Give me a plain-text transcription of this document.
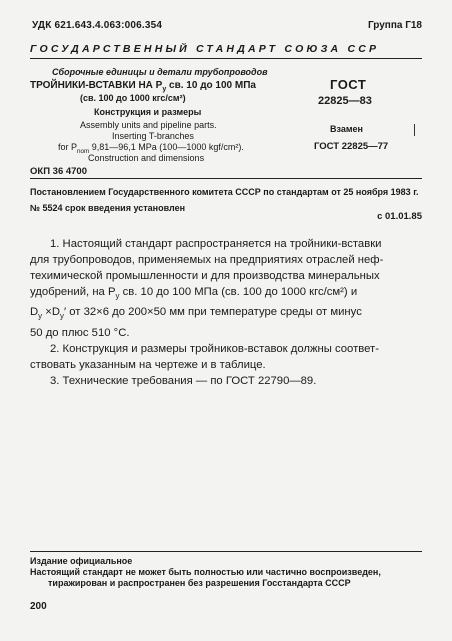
УДК 621.643.4.063:006.354	Группа Г18
ГОСУДАРСТВЕННЫЙ СТАНДАРТ СОЮЗА ССР
Сборочные единицы и детали трубопроводов
ТРОЙНИКИ-ВСТАВКИ НА $P_у$ св. 10 до 100 МПа
(св. 100 до 1000 кгс/см²)
Конструкция и размеры
Assembly units and pipeline parts.
Inserting T-branches
for $P_{nom}$ 9,81—96,1 MPa (100—1000 kgf/cm²).
Construction and dimensions
ГОСТ
22825—83
Взамен
ГОСТ 22825—77
ОКП 36 4700
Постановлением Государственного комитета СССР по стандартам от 25 ноября 1983 г. № 5524 срок введения установлен
с 01.01.85
1. Настоящий стандарт распространяется на тройники-вставки
для трубопроводов, применяемых на предприятиях отраслей неф-
техимической промышленности и для производства минеральных
удобрений, на $P_у$ св. 10 до 100 МПа (св. 100 до 1000 кгс/см²) и
$D_у \times D_у'$ от 32×6 до 200×50 мм при температуре среды от минус
50 до плюс 510 °C.
2. Конструкция и размеры тройников-вставок должны соответ-
ствовать указанным на чертеже и в таблице.
3. Технические требования — по ГОСТ 22790—89.
Издание официальное
Настоящий стандарт не может быть полностью или частично воспроизведен,
тиражирован и распространен без разрешения Госстандарта СССР
200
